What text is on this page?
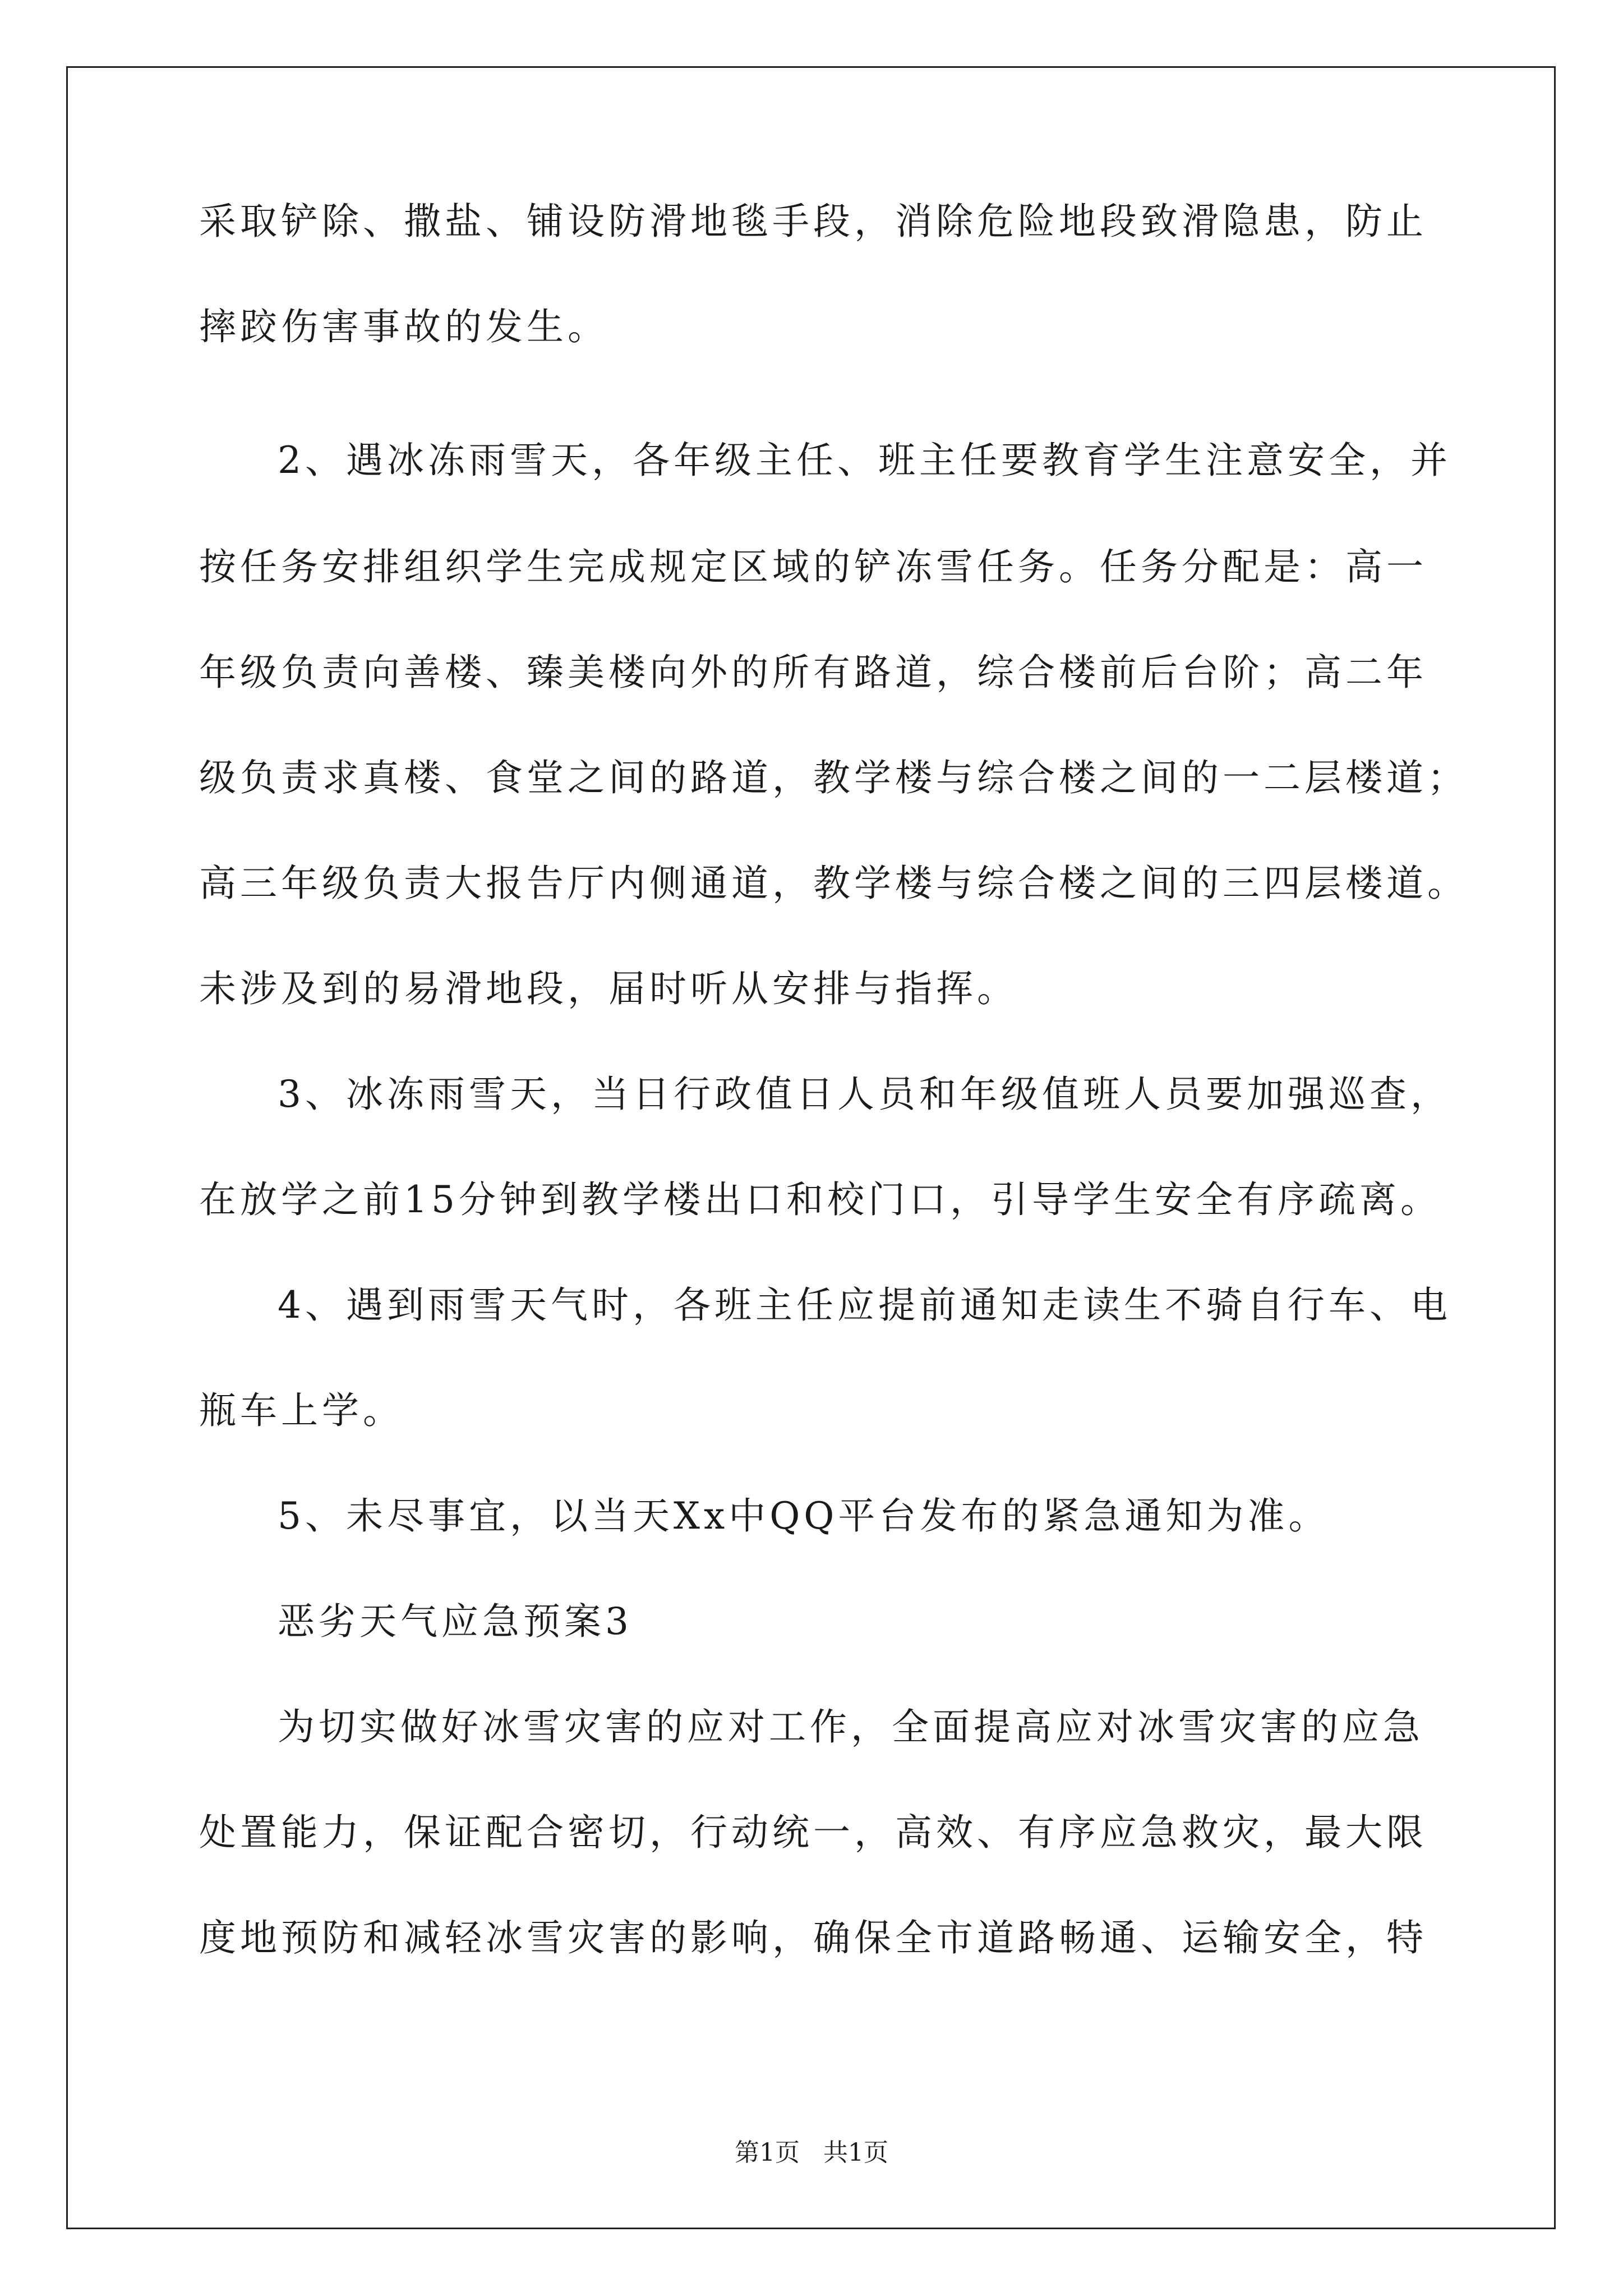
采取铲除、撒盐、铺设防滑地毯手段，消除危险地段致滑隐患，防止
摔跤伤害事故的发生。
2、遇冰冻雨雪天，各年级主任、班主任要教育学生注意安全，并
按任务安排组织学生完成规定区域的铲冻雪任务。任务分配是：高一
年级负责向善楼、臻美楼向外的所有路道，综合楼前后台阶；高二年
级负责求真楼、食堂之间的路道，教学楼与综合楼之间的一二层楼道；
高三年级负责大报告厅内侧通道，教学楼与综合楼之间的三四层楼道。
未涉及到的易滑地段，届时听从安排与指挥。
3、冰冻雨雪天，当日行政值日人员和年级值班人员要加强巡查，
在放学之前15分钟到教学楼出口和校门口，引导学生安全有序疏离。
4、遇到雨雪天气时，各班主任应提前通知走读生不骑自行车、电
瓶车上学。
5、未尽事宜，以当天Xx中QQ平台发布的紧急通知为准。
恶劣天气应急预案3
为切实做好冰雪灾害的应对工作，全面提高应对冰雪灾害的应急
处置能力，保证配合密切，行动统一，高效、有序应急救灾，最大限
度地预防和减轻冰雪灾害的影响，确保全市道路畅通、运输安全，特
第1页   共1页
